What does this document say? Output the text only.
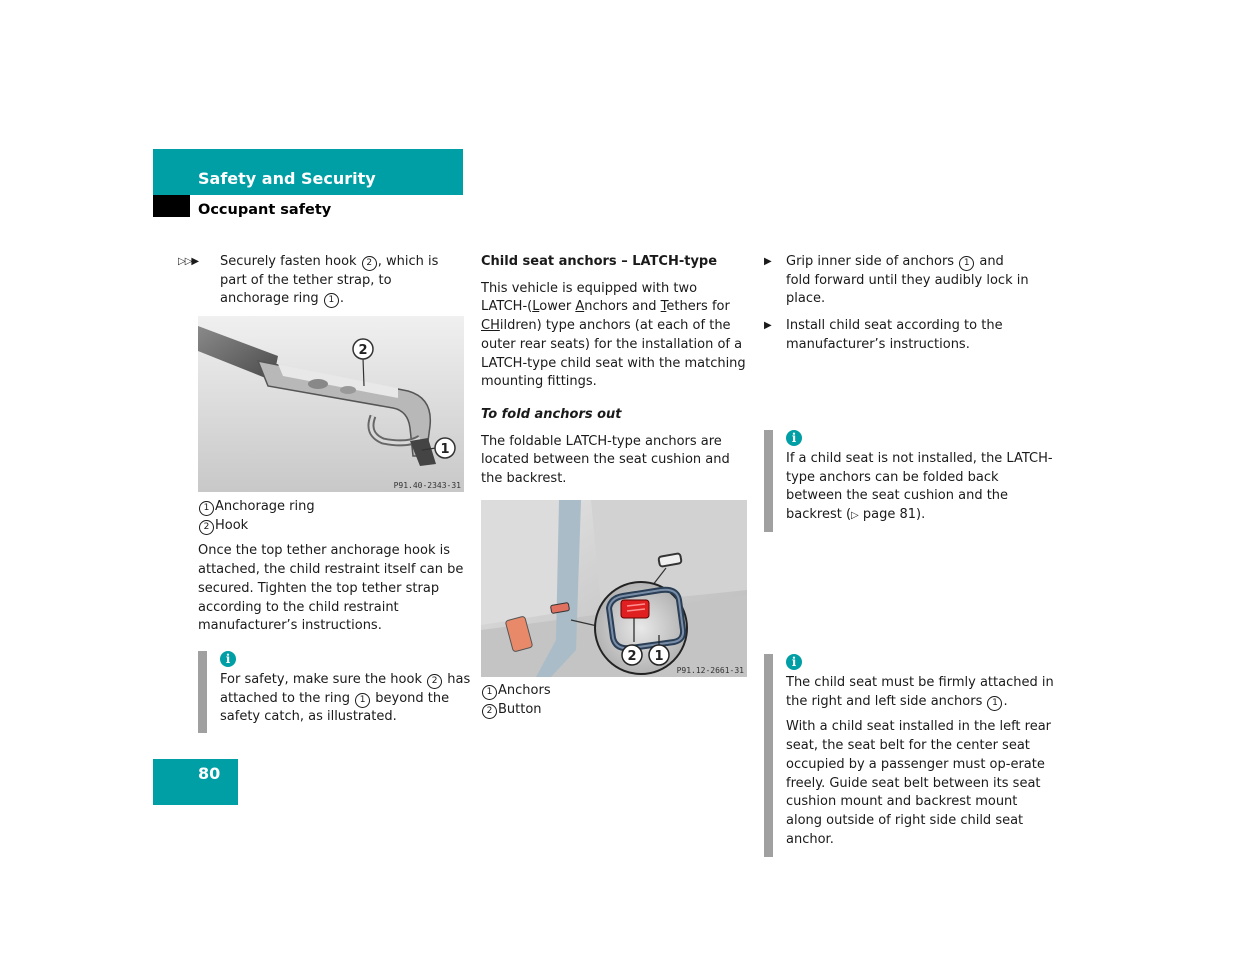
Safety and Security
Occupant safety
▷▷▶ Securely fasten hook 2 , which is part of the tether strap, to anchorage ring 1 .
2
1
P91.40-2343-31
1 Anchorage ring
2 Hook
Once the top tether anchorage hook is attached, the child restraint itself can be secured. Tighten the top tether strap according to the child restraint manufacturer’s instructions.
i
For safety, make sure the hook 2 has attached to the ring 1 beyond the safety catch, as illustrated.
Child seat anchors – LATCH-type
This vehicle is equipped with two LATCH-(Lower Anchors and Tethers for CHildren) type anchors (at each of the outer rear seats) for the installation of a LATCH-type child seat with the matching mounting fittings.
To fold anchors out
The foldable LATCH-type anchors are located between the seat cushion and the backrest.
2 1
P91.12-2661-31
1 Anchors
2 Button
▶ Grip inner side of anchors 1 and fold forward until they audibly lock in place.
▶ Install child seat according to the manufacturer’s instructions.
i
If a child seat is not installed, the LATCH-type anchors can be folded back between the seat cushion and the backrest (▷ page 81).
i
The child seat must be firmly attached in the right and left side anchors 1 .
With a child seat installed in the left rear seat, the seat belt for the center seat occupied by a passenger must op-erate freely. Guide seat belt between its seat cushion mount and backrest mount along outside of right side child seat anchor.
80
